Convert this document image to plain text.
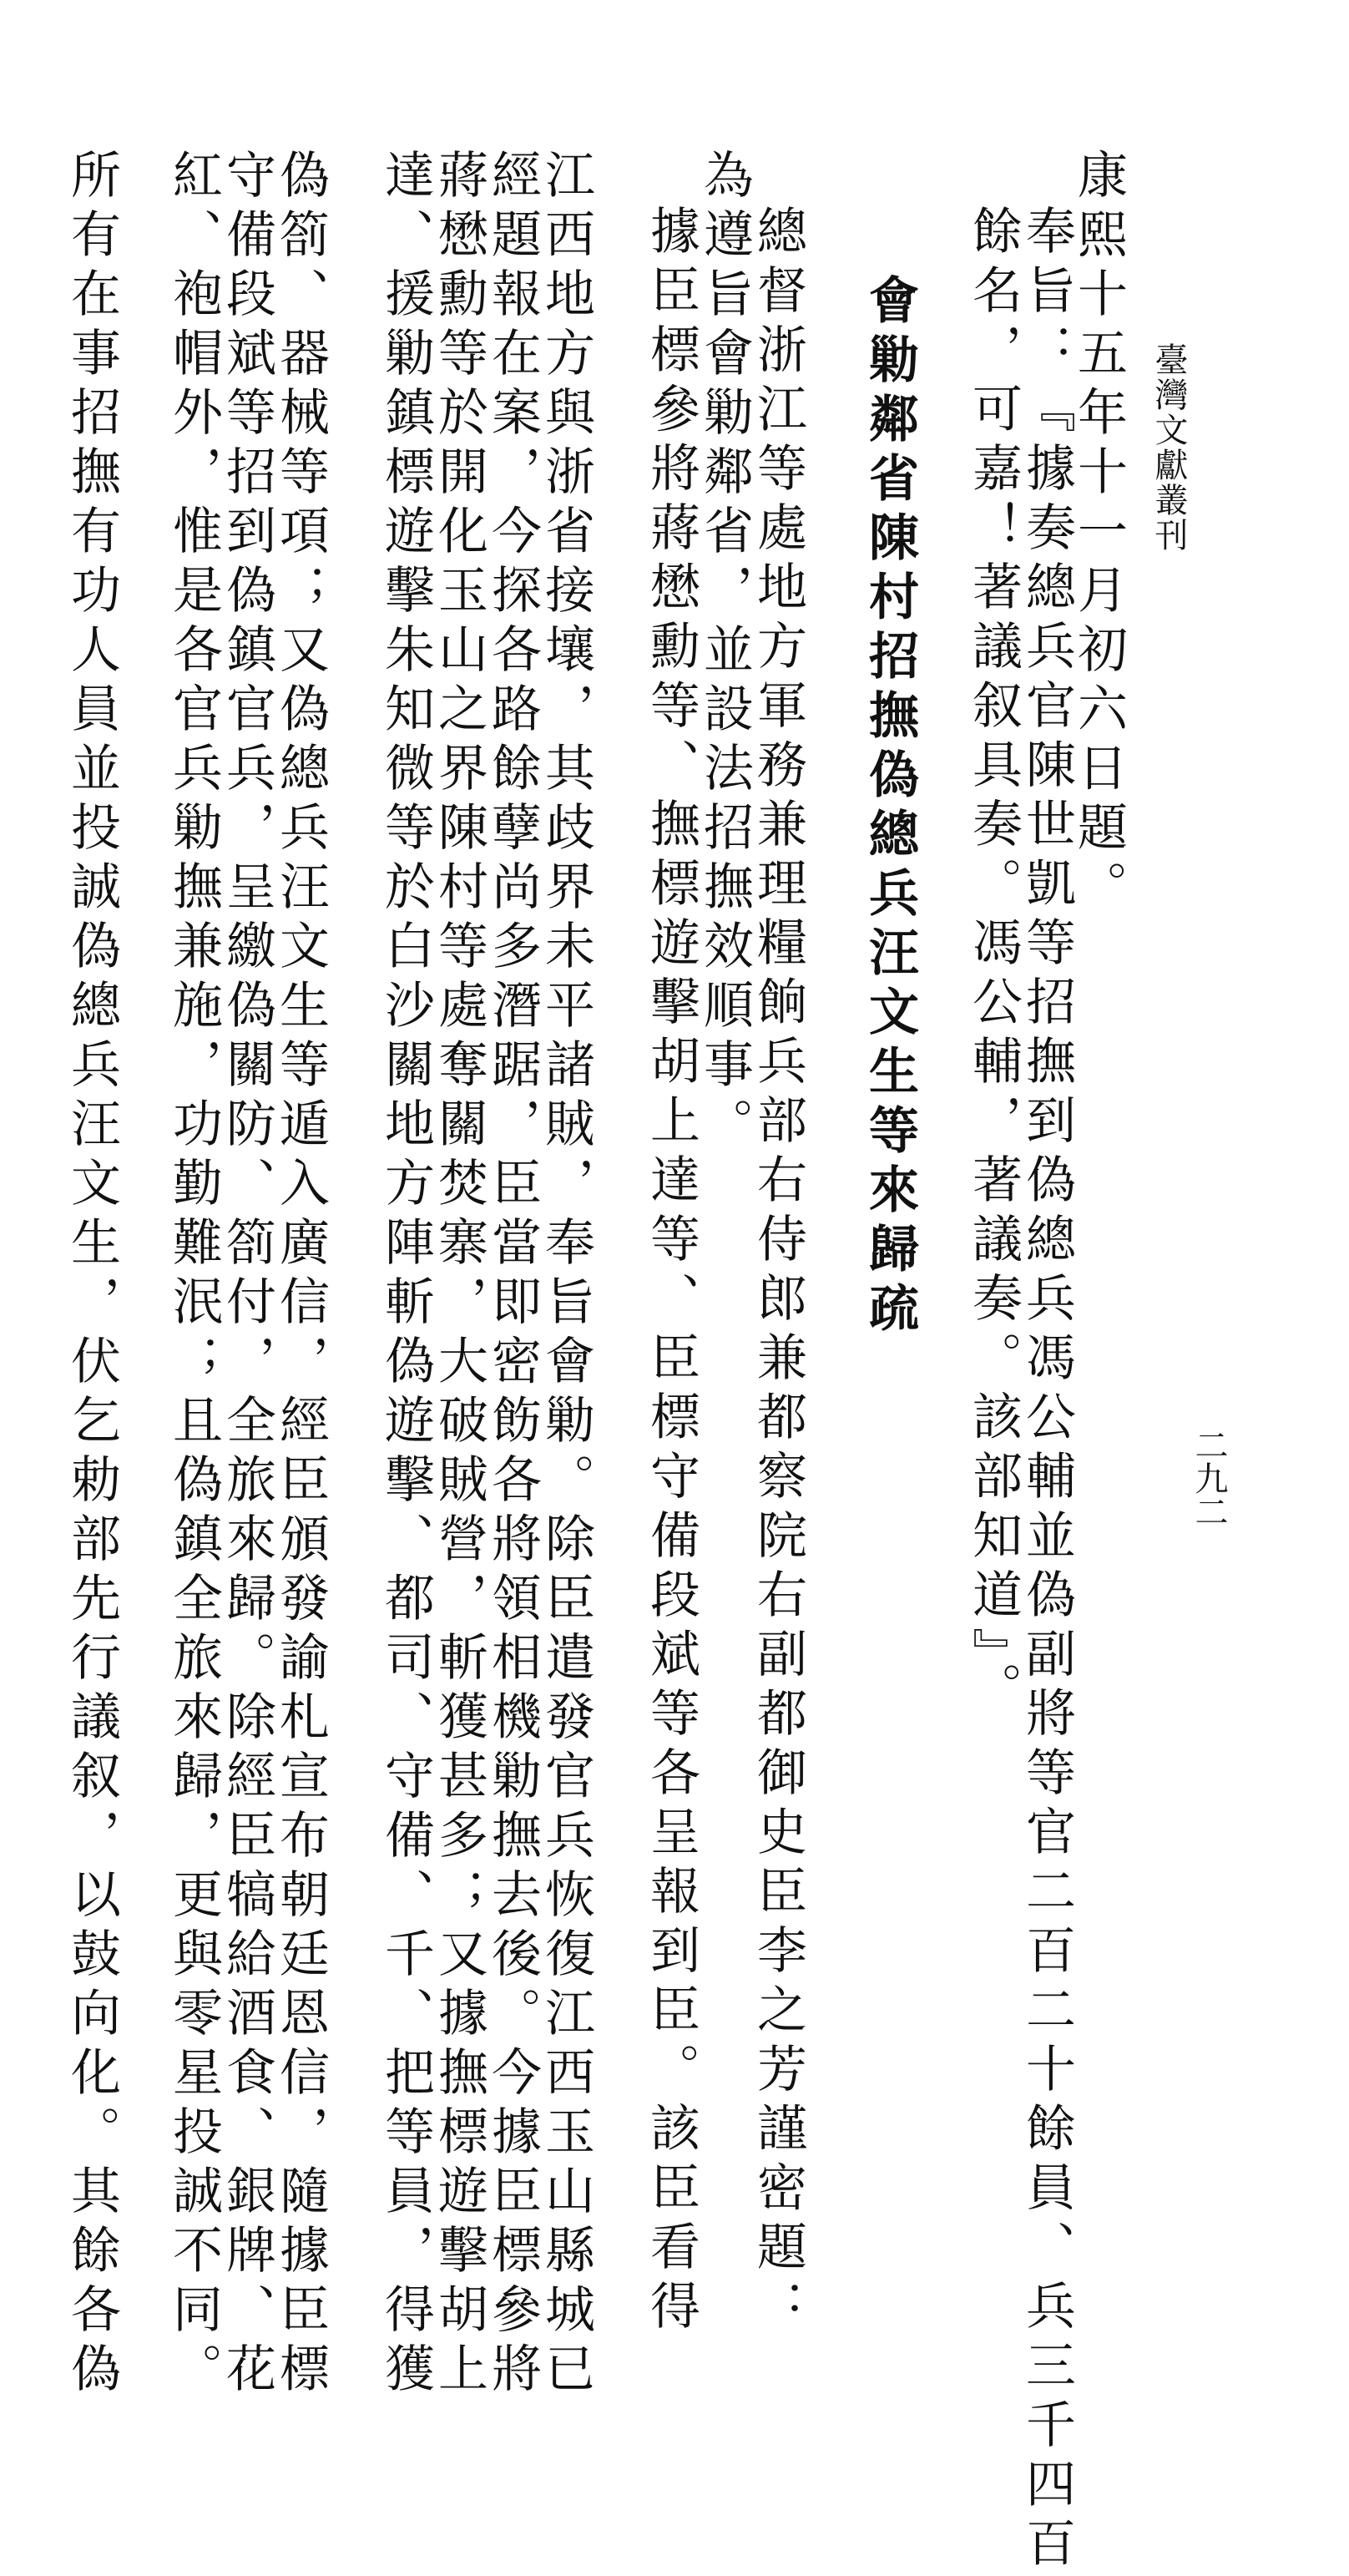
臺灣文獻叢刊
二九二
康熙十五年十一月初六日題。
奉旨：『據奏總兵官陳世凱等招撫到偽總兵馮公輔並偽副將等官二百二十餘員、兵三千四百
餘名，可嘉！著議叙具奏。馮公輔，著議奏。該部知道』。
會勦鄰省陳村招撫偽總兵汪文生等來歸疏
總督浙江等處地方軍務兼理糧餉兵部右侍郎兼都察院右副都御史臣李之芳謹密題：
為遵旨會勦鄰省，並設法招撫效順事。
據臣標參將蔣懋勳等、撫標遊擊胡上達等、臣標守備段斌等各呈報到臣。該臣看得
江西地方與浙省接壤，其歧界未平諸賊，奉旨會勦。除臣遣發官兵恢復江西玉山縣城已
經題報在案，今探各路餘孽尚多潛踞，臣當即密飭各將領相機勦撫去後。今據臣標參將
蔣懋勳等於開化玉山之界陳村等處奪關焚寨，大破賊營，斬獲甚多；又據撫標遊擊胡上
達、援勦鎮標遊擊朱知微等於白沙關地方陣斬偽遊擊、都司、守備、千、把等員，得獲
偽箚、器械等項；又偽總兵汪文生等遁入廣信，經臣頒發諭札宣布朝廷恩信，隨據臣標
守備段斌等招到偽鎮官兵，呈繳偽關防、箚付，全旅來歸。除經臣犒給酒食、銀牌、花
紅、袍帽外，惟是各官兵勦撫兼施，功勤難泯；且偽鎮全旅來歸，更與零星投誠不同。
所有在事招撫有功人員並投誠偽總兵汪文生，伏乞勅部先行議叙，以鼓向化。其餘各偽
